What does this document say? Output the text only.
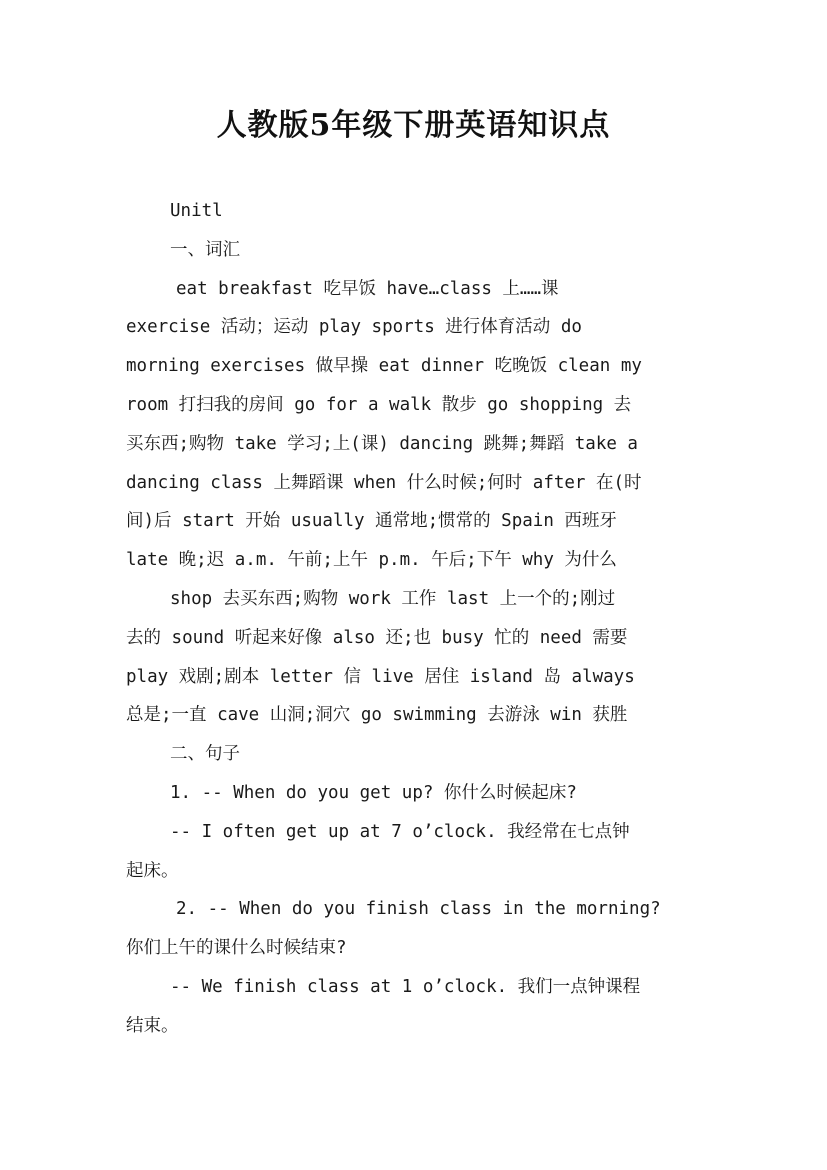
人教版5年级下册英语知识点
Unitl
一、词汇
eat breakfast 吃早饭 have…class 上……课
exercise 活动；运动 play sports 进行体育活动 do
morning exercises 做早操 eat dinner 吃晚饭 clean my
room 打扫我的房间 go for a walk 散步 go shopping 去
买东西;购物 take 学习;上(课) dancing 跳舞;舞蹈 take a
dancing class 上舞蹈课 when 什么时候;何时 after 在(时
间)后 start 开始 usually 通常地;惯常的 Spain 西班牙
late 晚;迟 a.m. 午前;上午 p.m. 午后;下午 why 为什么
shop 去买东西;购物 work 工作 last 上一个的;刚过
去的 sound 听起来好像 also 还;也 busy 忙的 need 需要
play 戏剧;剧本 letter 信 live 居住 island 岛 always
总是;一直 cave 山洞;洞穴 go swimming 去游泳 win 获胜
二、句子
1. -- When do you get up? 你什么时候起床?
-- I often get up at 7 o’clock. 我经常在七点钟
起床。
2. -- When do you finish class in the morning?
你们上午的课什么时候结束?
-- We finish class at 1 o’clock. 我们一点钟课程
结束。
